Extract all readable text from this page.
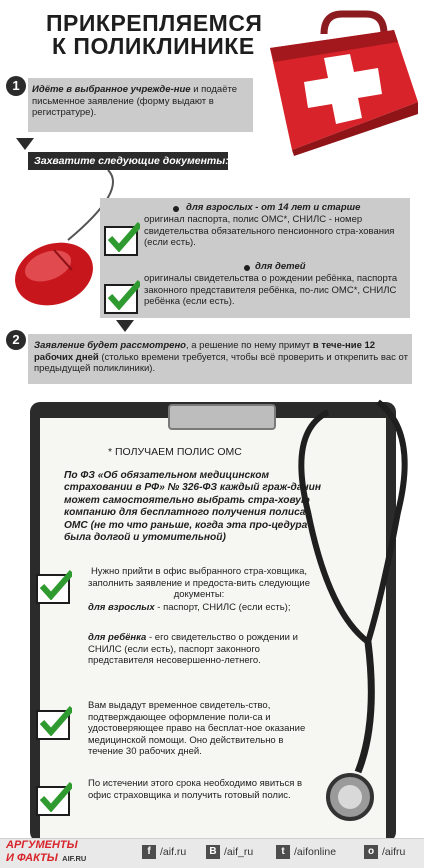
ПРИКРЕПЛЯЕМСЯ
К ПОЛИКЛИНИКЕ
1	Идёте в выбранное учрежде-ние и подаёте письменное заявление (форму выдают в регистратуре).
Захватите следующие документы:
для взрослых - от 14 лет и старше
оригинал паспорта, полис ОМС*, СНИЛС - номер свидетельства обязательного пенсионного стра-хования (если есть).
для детей
оригиналы свидетельства о рождении ребёнка, паспорта законного представителя ребёнка, по-лис ОМС*, СНИЛС ребёнка (если есть).
2	Заявление будет рассмотрено, а решение по нему примут в тече-ние 12 рабочих дней (столько времени требуется, чтобы всё проверить и открепить вас от предыдущей поликлиники).
* ПОЛУЧАЕМ ПОЛИС ОМС
По ФЗ «Об обязательном медицинском страховании в РФ» № 326-ФЗ каждый граж-данин может самостоятельно выбрать стра-ховую компанию для бесплатного получения полиса ОМС (не то что раньше, когда эта про-цедура была долгой и утомительной)
Нужно прийти в офис выбранного стра-ховщика, заполнить заявление и предоста-вить следующие документы:
для взрослых - паспорт, СНИЛС (если есть);
для ребёнка - его свидетельство о рождении и СНИЛС (если есть), паспорт законного представителя несовершенно-летнего.
Вам выдадут временное свидетель-ство, подтверждающее оформление поли-са и удостоверяющее право на бесплат-ное оказание медицинской помощи. Оно действительно в течение 30 рабочих дней.
По истечении этого срока необходимо явиться в офис страховщика и получить готовый полис.
АРГУМЕНТЫ
И ФАКТЫ AIF.RU
f /aif.ru	В /aif_ru	t /aifonline	о /aifru
